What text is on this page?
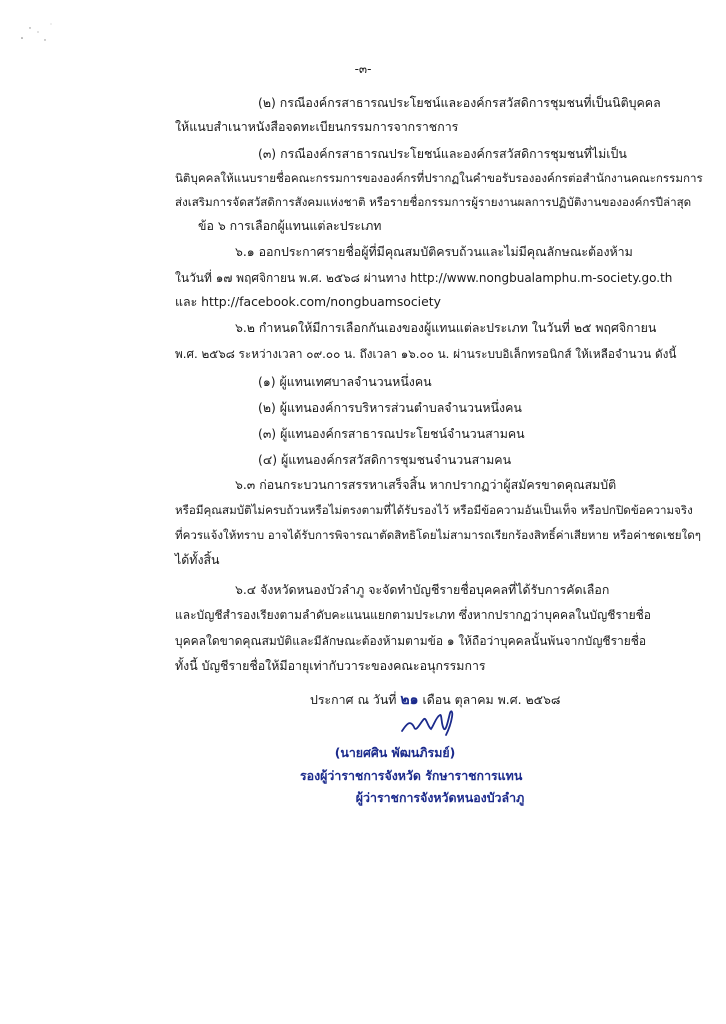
-๓-
(๒) กรณีองค์กรสาธารณประโยชน์และองค์กรสวัสดิการชุมชนที่เป็นนิติบุคคล
ให้แนบสำเนาหนังสือจดทะเบียนกรรมการจากราชการ
(๓) กรณีองค์กรสาธารณประโยชน์และองค์กรสวัสดิการชุมชนที่ไม่เป็น
นิติบุคคลให้แนบรายชื่อคณะกรรมการขององค์กรที่ปรากฏในคำขอรับรององค์กรต่อสำนักงานคณะกรรมการ
ส่งเสริมการจัดสวัสดิการสังคมแห่งชาติ หรือรายชื่อกรรมการผู้รายงานผลการปฏิบัติงานขององค์กรปีล่าสุด
ข้อ ๖ การเลือกผู้แทนแต่ละประเภท
๖.๑ ออกประกาศรายชื่อผู้ที่มีคุณสมบัติครบถ้วนและไม่มีคุณลักษณะต้องห้าม
ในวันที่ ๑๗ พฤศจิกายน พ.ศ. ๒๕๖๘ ผ่านทาง http://www.nongbualamphu.m-society.go.th
และ http://facebook.com/nongbuamsociety
๖.๒ กำหนดให้มีการเลือกกันเองของผู้แทนแต่ละประเภท ในวันที่ ๒๕ พฤศจิกายน
พ.ศ. ๒๕๖๘ ระหว่างเวลา ๐๙.๐๐ น. ถึงเวลา ๑๖.๐๐ น. ผ่านระบบอิเล็กทรอนิกส์ ให้เหลือจำนวน ดังนี้
(๑) ผู้แทนเทศบาลจำนวนหนึ่งคน
(๒) ผู้แทนองค์การบริหารส่วนตำบลจำนวนหนึ่งคน
(๓) ผู้แทนองค์กรสาธารณประโยชน์จำนวนสามคน
(๔) ผู้แทนองค์กรสวัสดิการชุมชนจำนวนสามคน
๖.๓ ก่อนกระบวนการสรรหาเสร็จสิ้น หากปรากฏว่าผู้สมัครขาดคุณสมบัติ
หรือมีคุณสมบัติไม่ครบถ้วนหรือไม่ตรงตามที่ได้รับรองไว้ หรือมีข้อความอันเป็นเท็จ หรือปกปิดข้อความจริง
ที่ควรแจ้งให้ทราบ อาจได้รับการพิจารณาตัดสิทธิโดยไม่สามารถเรียกร้องสิทธิ์ค่าเสียหาย หรือค่าชดเชยใดๆ
ได้ทั้งสิ้น
๖.๔ จังหวัดหนองบัวลำภู จะจัดทำบัญชีรายชื่อบุคคลที่ได้รับการคัดเลือก
และบัญชีสำรองเรียงตามลำดับคะแนนแยกตามประเภท ซึ่งหากปรากฏว่าบุคคลในบัญชีรายชื่อ
บุคคลใดขาดคุณสมบัติและมีลักษณะต้องห้ามตามข้อ ๑ ให้ถือว่าบุคคลนั้นพ้นจากบัญชีรายชื่อ
ทั้งนี้ บัญชีรายชื่อให้มีอายุเท่ากับวาระของคณะอนุกรรมการ
ประกาศ ณ วันที่ ๒๑ เดือน ตุลาคม พ.ศ. ๒๕๖๘
(นายศศิน พัฒนภิรมย์)
รองผู้ว่าราชการจังหวัด รักษาราชการแทน
ผู้ว่าราชการจังหวัดหนองบัวลำภู
